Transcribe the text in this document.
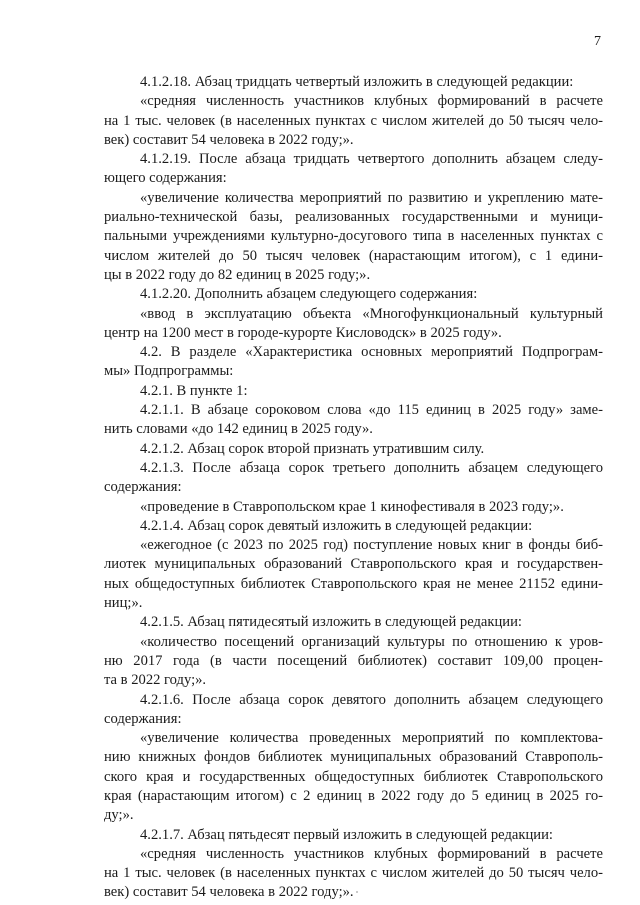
7
4.1.2.18. Абзац тридцать четвертый изложить в следующей редакции:
«средняя численность участников клубных формирований в расчете
на 1 тыс. человек (в населенных пунктах с числом жителей до 50 тысяч чело-
век) составит 54 человека в 2022 году;».
4.1.2.19. После абзаца тридцать четвертого дополнить абзацем следу-
ющего содержания:
«увеличение количества мероприятий по развитию и укреплению мате-
риально-технической базы, реализованных государственными и муници-
пальными учреждениями культурно-досугового типа в населенных пунктах с
числом жителей до 50 тысяч человек (нарастающим итогом), с 1 едини-
цы в 2022 году до 82 единиц в 2025 году;».
4.1.2.20. Дополнить абзацем следующего содержания:
«ввод в эксплуатацию объекта «Многофункциональный культурный
центр на 1200 мест в городе-курорте Кисловодск» в 2025 году».
4.2. В разделе «Характеристика основных мероприятий Подпрограм-
мы» Подпрограммы:
4.2.1. В пункте 1:
4.2.1.1. В абзаце сороковом слова «до 115 единиц в 2025 году» заме-
нить словами «до 142 единиц в 2025 году».
4.2.1.2. Абзац сорок второй признать утратившим силу.
4.2.1.3. После абзаца сорок третьего дополнить абзацем следующего
содержания:
«проведение в Ставропольском крае 1 кинофестиваля в 2023 году;».
4.2.1.4. Абзац сорок девятый изложить в следующей редакции:
«ежегодное (с 2023 по 2025 год) поступление новых книг в фонды биб-
лиотек муниципальных образований Ставропольского края и государствен-
ных общедоступных библиотек Ставропольского края не менее 21152 едини-
ниц;».
4.2.1.5. Абзац пятидесятый изложить в следующей редакции:
«количество посещений организаций культуры по отношению к уров-
ню 2017 года (в части посещений библиотек) составит 109,00 процен-
та в 2022 году;».
4.2.1.6. После абзаца сорок девятого дополнить абзацем следующего
содержания:
«увеличение количества проведенных мероприятий по комплектова-
нию книжных фондов библиотек муниципальных образований Ставрополь-
ского края и государственных общедоступных библиотек Ставропольского
края (нарастающим итогом) с 2 единиц в 2022 году до 5 единиц в 2025 го-
ду;».
4.2.1.7. Абзац пятьдесят первый изложить в следующей редакции:
«средняя численность участников клубных формирований в расчете
на 1 тыс. человек (в населенных пунктах с числом жителей до 50 тысяч чело-
век) составит 54 человека в 2022 году;».
